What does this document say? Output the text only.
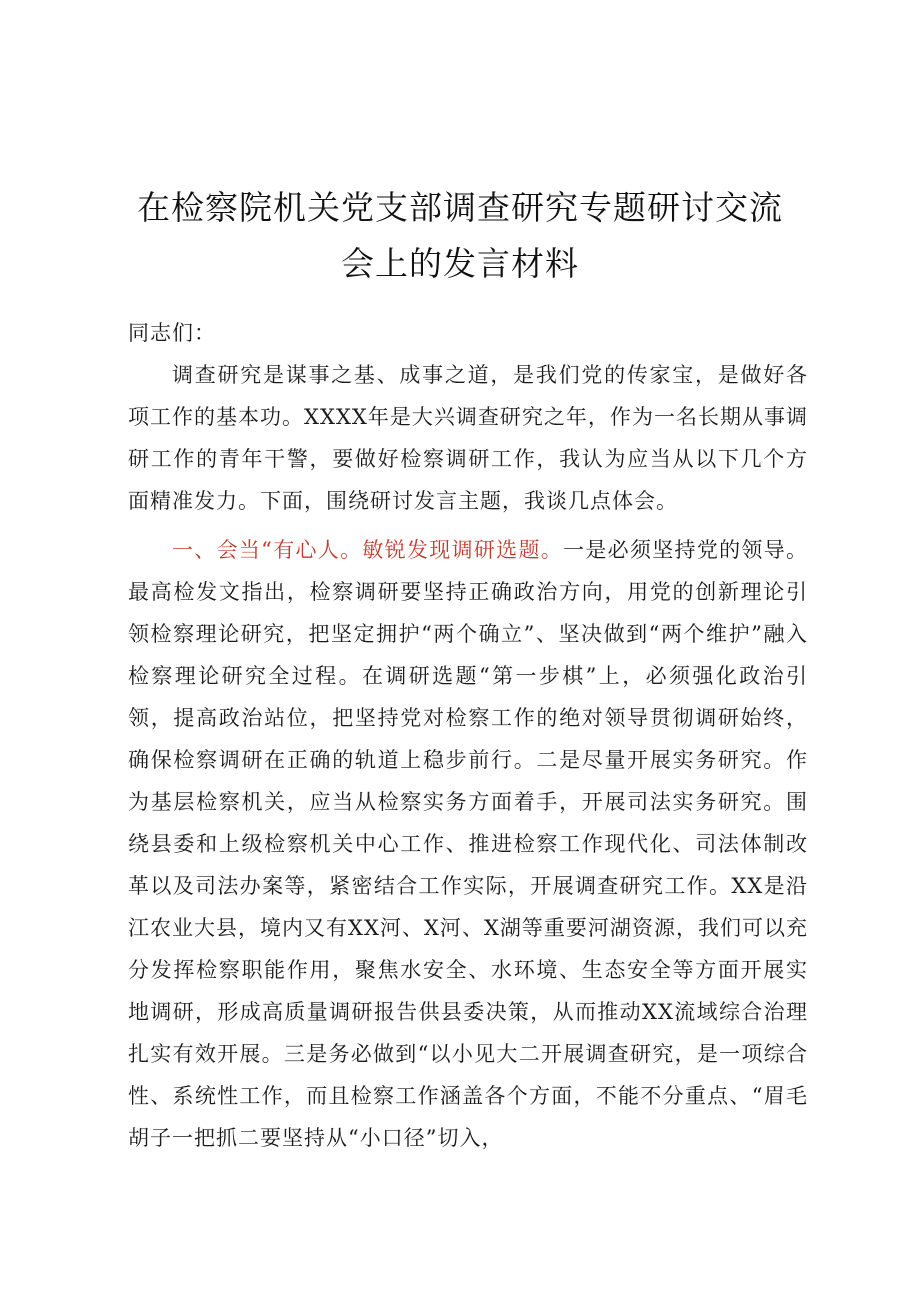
在检察院机关党支部调查研究专题研讨交流
会上的发言材料

同志们：

调查研究是谋事之基、成事之道，是我们党的传家宝，是做好各项工作的基本功。XXXX年是大兴调查研究之年，作为一名长期从事调研工作的青年干警，要做好检察调研工作，我认为应当从以下几个方面精准发力。下面，围绕研讨发言主题，我谈几点体会。

一、会当“有心人。敏锐发现调研选题。一是必须坚持党的领导。最高检发文指出，检察调研要坚持正确政治方向，用党的创新理论引领检察理论研究，把坚定拥护“两个确立”、坚决做到“两个维护”融入检察理论研究全过程。在调研选题“第一步棋”上，必须强化政治引领，提高政治站位，把坚持党对检察工作的绝对领导贯彻调研始终，确保检察调研在正确的轨道上稳步前行。二是尽量开展实务研究。作为基层检察机关，应当从检察实务方面着手，开展司法实务研究。围绕县委和上级检察机关中心工作、推进检察工作现代化、司法体制改革以及司法办案等，紧密结合工作实际，开展调查研究工作。XX是沿江农业大县，境内又有XX河、X河、X湖等重要河湖资源，我们可以充分发挥检察职能作用，聚焦水安全、水环境、生态安全等方面开展实地调研，形成高质量调研报告供县委决策，从而推动XX流域综合治理扎实有效开展。三是务必做到“以小见大二开展调查研究，是一项综合性、系统性工作，而且检察工作涵盖各个方面，不能不分重点、“眉毛胡子一把抓二要坚持从“小口径”切入，
